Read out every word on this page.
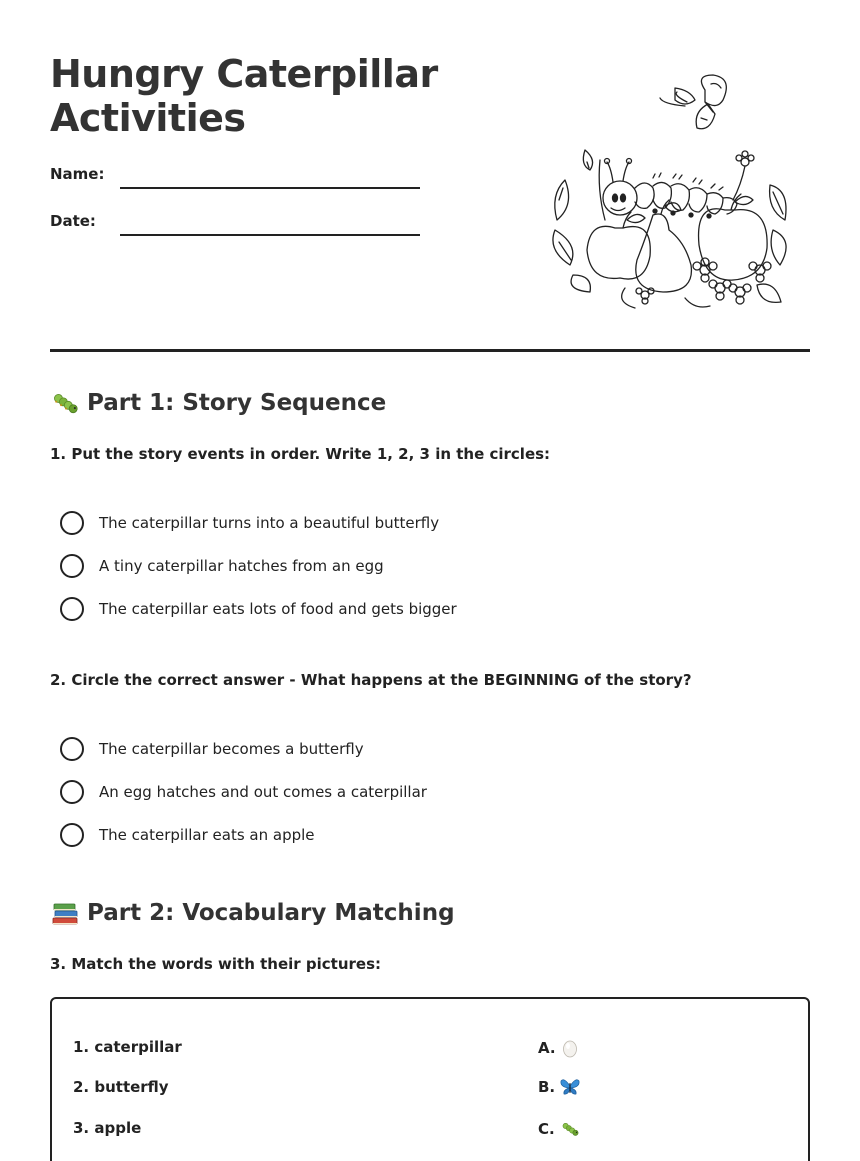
Hungry Caterpillar
Activities
Name:
Date:
Part 1: Story Sequence
1. Put the story events in order. Write 1, 2, 3 in the circles:
The caterpillar turns into a beautiful butterfly
A tiny caterpillar hatches from an egg
The caterpillar eats lots of food and gets bigger
2. Circle the correct answer - What happens at the BEGINNING of the story?
The caterpillar becomes a butterfly
An egg hatches and out comes a caterpillar
The caterpillar eats an apple
Part 2: Vocabulary Matching
3. Match the words with their pictures:
1. caterpillar
2. butterfly
3. apple
A.
B.
C.
